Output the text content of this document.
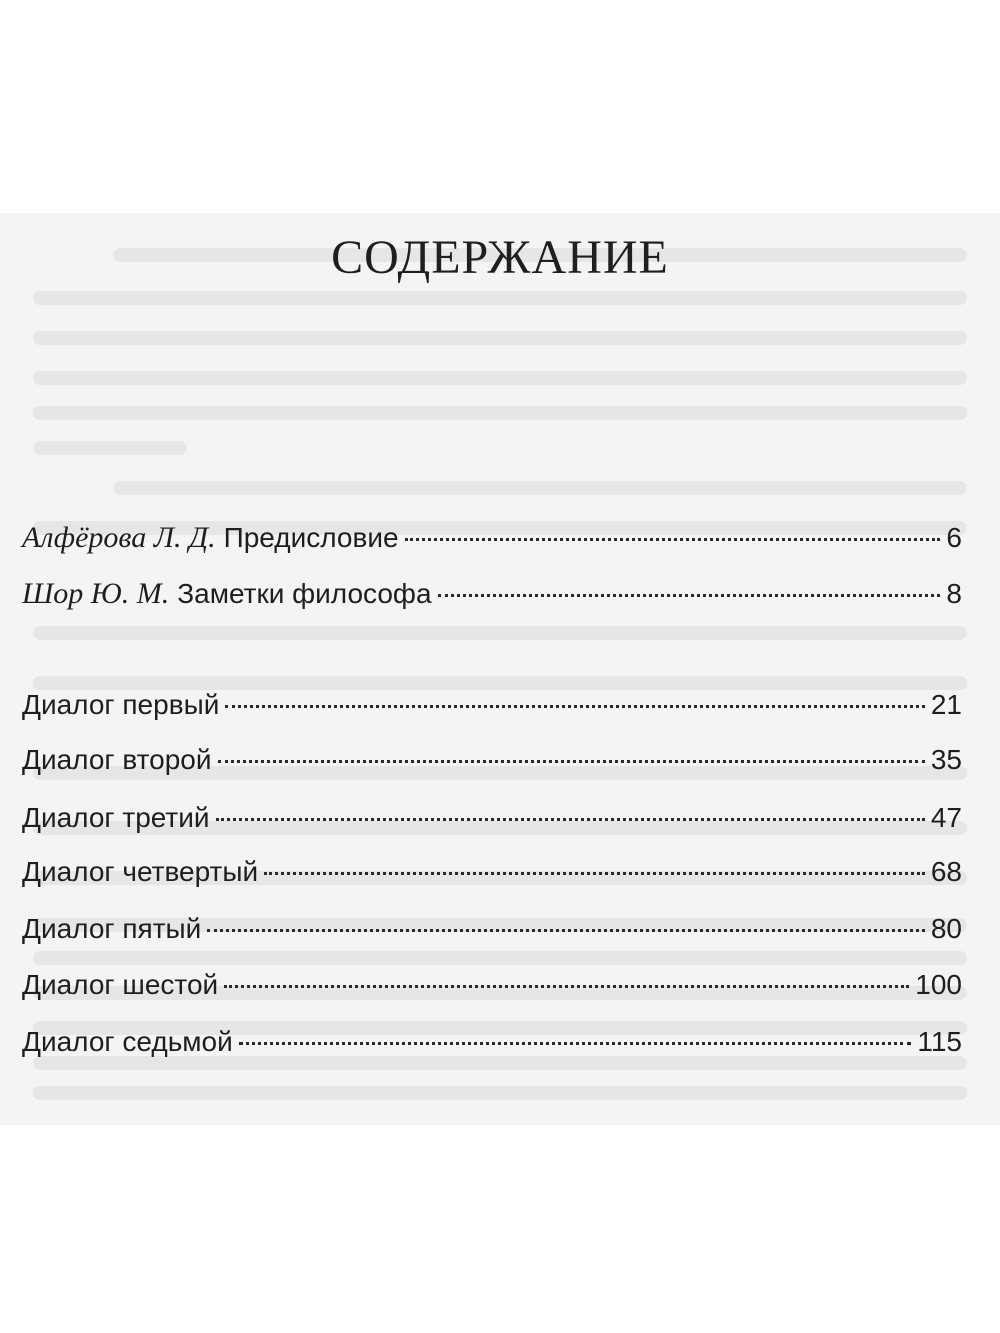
СОДЕРЖАНИЕ
Алфёрова Л. Д. Предисловие	6
Шор Ю. М. Заметки философа	8
Диалог первый	21
Диалог второй	35
Диалог третий	47
Диалог четвертый	68
Диалог пятый	80
Диалог шестой	100
Диалог седьмой	115
